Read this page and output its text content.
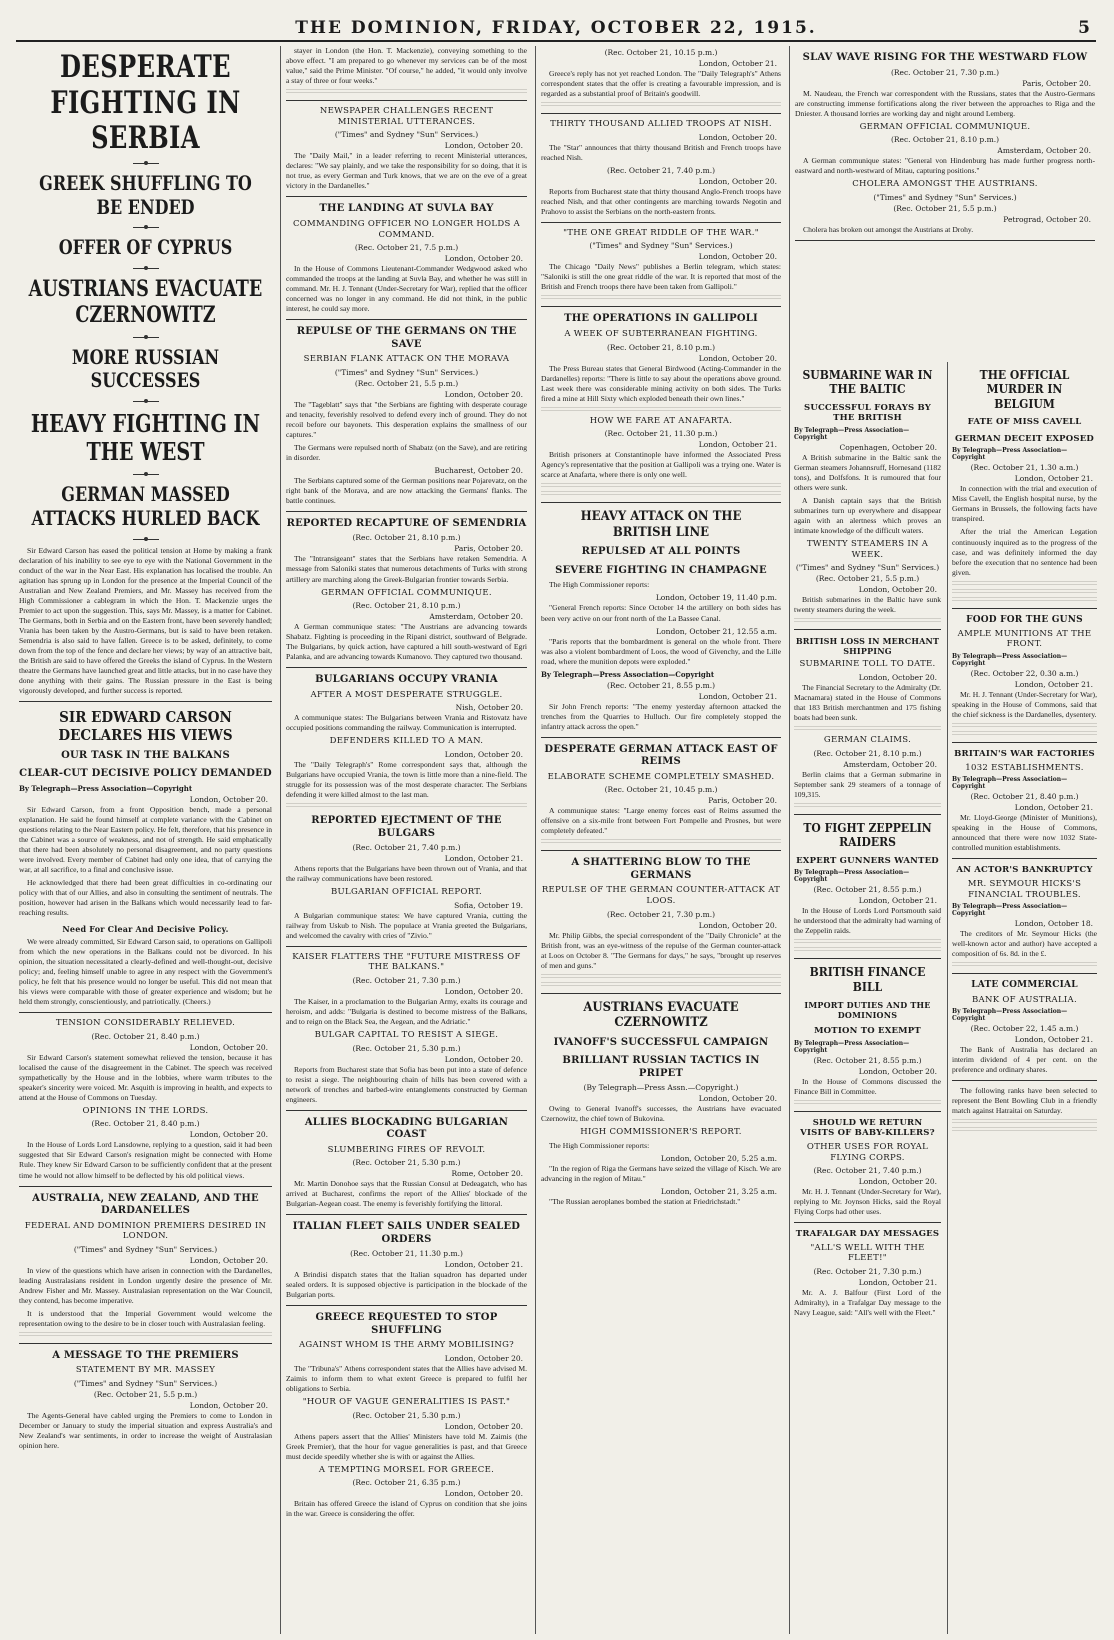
THE DOMINION, FRIDAY, OCTOBER 22, 1915.	5
DESPERATE FIGHTING IN SERBIA
GREEK SHUFFLING TO BE ENDED
OFFER OF CYPRUS
AUSTRIANS EVACUATE CZERNOWITZ
MORE RUSSIAN SUCCESSES
HEAVY FIGHTING IN THE WEST
GERMAN MASSED ATTACKS HURLED BACK

Sir Edward Carson has eased the political tension at Home by making a frank declaration of his inability to see eye to eye with the National Government in the conduct of the war in the Near East. His explanation has localised the trouble. An agitation has sprung up in London for the presence at the Imperial Council of the Australian and New Zealand Premiers, and Mr. Massey has received from the High Commissioner a cablegram in which the Hon. T. Mackenzie urges the Premier to act upon the suggestion. This, says Mr. Massey, is a matter for Cabinet. The Germans, both in Serbia and on the Eastern front, have been severely handled; Vrania has been taken by the Austro-Germans, but is said to have been retaken. Semendria is also said to have fallen. Greece is to be asked, definitely, to come down from the top of the fence and declare her views; by way of an attractive bait, the British are said to have offered the Greeks the island of Cyprus. In the Western theatre the Germans have launched great and little attacks, but in no case have they done anything with their gains. The Russian pressure in the East is being vigorously developed, and further success is reported.

SIR EDWARD CARSON DECLARES HIS VIEWS
OUR TASK IN THE BALKANS
CLEAR-CUT DECISIVE POLICY DEMANDED
By Telegraph—Press Association—Copyright
London, October 20.

Sir Edward Carson, from a front Opposition bench, made a personal explanation. He said he found himself at complete variance with the Cabinet on questions relating to the Near Eastern policy. He felt, therefore, that his presence in the Cabinet was a source of weakness, and not of strength. He said emphatically that there had been absolutely no personal disagreement, and no party questions were involved. Every member of Cabinet had only one idea, that of carrying the war, at all sacrifice, to a final and conclusive issue.

He acknowledged that there had been great difficulties in co-ordinating our policy with that of our Allies, and also in consulting the sentiment of neutrals. The position, however had arisen in the Balkans which would necessarily lead to far-reaching results.

Need For Clear And Decisive Policy.

We were already committed, Sir Edward Carson said, to operations on Gallipoli from which the new operations in the Balkans could not be divorced. In his opinion, the situation necessitated a clearly-defined and well-thought-out, decisive policy; and, feeling himself unable to agree in any respect with the Government's policy, he felt that his presence would no longer be useful. This did not mean that his views were comparable with those of greater experience and wisdom; but he held them strongly, conscientiously, and patriotically. (Cheers.)

TENSION CONSIDERABLY RELIEVED.
(Rec. October 21, 8.40 p.m.)
London, October 20.

Sir Edward Carson's statement somewhat relieved the tension, because it has localised the cause of the disagreement in the Cabinet. The speech was received sympathetically by the House and in the lobbies, where warm tributes to the speaker's sincerity were voiced. Mr. Asquith is improving in health, and expects to attend at the House of Commons on Tuesday.

OPINIONS IN THE LORDS.
(Rec. October 21, 8.40 p.m.)
London, October 20.

In the House of Lords Lord Lansdowne, replying to a question, said it had been suggested that Sir Edward Carson's resignation might be connected with Home Rule. They knew Sir Edward Carson to be sufficiently confident that at the present time he would not allow himself to be deflected by his old political views.

AUSTRALIA, NEW ZEALAND, AND THE DARDANELLES
FEDERAL AND DOMINION PREMIERS DESIRED IN LONDON.
("Times" and Sydney "Sun" Services.)
London, October 20.

In view of the questions which have arisen in connection with the Dardanelles, leading Australasians resident in London urgently desire the presence of Mr. Andrew Fisher and Mr. Massey. Australasian representation on the War Council, they contend, has become imperative.

It is understood that the Imperial Government would welcome the representation owing to the desire to be in closer touch with Australasian feeling.

A MESSAGE TO THE PREMIERS
STATEMENT BY MR. MASSEY
("Times" and Sydney "Sun" Services.)
(Rec. October 21, 5.5 p.m.)
London, October 20.

The Agents-General have cabled urging the Premiers to come to London in December or January to study the imperial situation and express Australia's and New Zealand's war sentiments, in order to increase the weight of Australasian opinion here.

stayer in London (the Hon. T. Mackenzie), conveying something to the above effect. "I am prepared to go whenever my services can be of the most value," said the Prime Minister. "Of course," he added, "it would only involve a stay of three or four weeks."

NEWSPAPER CHALLENGES RECENT MINISTERIAL UTTERANCES.
("Times" and Sydney "Sun" Services.)
London, October 20.

The "Daily Mail," in a leader referring to recent Ministerial utterances, declares: "We say plainly, and we take the responsibility for so doing, that it is not true, as every German and Turk knows, that we are on the eve of a great victory in the Dardanelles."

THE LANDING AT SUVLA BAY
COMMANDING OFFICER NO LONGER HOLDS A COMMAND.
(Rec. October 21, 7.5 p.m.)
London, October 20.

In the House of Commons Lieutenant-Commander Wedgwood asked who commanded the troops at the landing at Suvla Bay, and whether he was still in command. Mr. H. J. Tennant (Under-Secretary for War), replied that the officer concerned was no longer in any command. He did not think, in the public interest, he could say more.

REPULSE OF THE GERMANS ON THE SAVE
SERBIAN FLANK ATTACK ON THE MORAVA
("Times" and Sydney "Sun" Services.)
(Rec. October 21, 5.5 p.m.)
London, October 20.

The "Tageblatt" says that "the Serbians are fighting with desperate courage and tenacity, feverishly resolved to defend every inch of ground. They do not recoil before our bayonets. This desperation explains the smallness of our captures."

The Germans were repulsed north of Shabatz (on the Save), and are retiring in disorder.

Bucharest, October 20.

The Serbians captured some of the German positions near Pojarevatz, on the right bank of the Morava, and are now attacking the Germans' flanks. The battle continues.

REPORTED RECAPTURE OF SEMENDRIA
(Rec. October 21, 8.10 p.m.)
Paris, October 20.

The "Intransigeant" states that the Serbians have retaken Semendria. A message from Saloniki states that numerous detachments of Turks with strong artillery are marching along the Greek-Bulgarian frontier towards Serbia.

GERMAN OFFICIAL COMMUNIQUE.
(Rec. October 21, 8.10 p.m.)
Amsterdam, October 20.

A German communique states: "The Austrians are advancing towards Shabatz. Fighting is proceeding in the Ripani district, southward of Belgrade. The Bulgarians, by quick action, have captured a hill south-westward of Egri Palanka, and are advancing towards Kumanovo. They captured two thousand.

BULGARIANS OCCUPY VRANIA
AFTER A MOST DESPERATE STRUGGLE.
Nish, October 20.

A communique states: The Bulgarians between Vrania and Ristovatz have occupied positions commanding the railway. Communication is interrupted.

DEFENDERS KILLED TO A MAN.
London, October 20.

The "Daily Telegraph's" Rome correspondent says that, although the Bulgarians have occupied Vrania, the town is little more than a nine-field. The struggle for its possession was of the most desperate character. The Serbians defending it were killed almost to the last man.

REPORTED EJECTMENT OF THE BULGARS
(Rec. October 21, 7.40 p.m.)
London, October 21.

Athens reports that the Bulgarians have been thrown out of Vrania, and that the railway communications have been restored.

BULGARIAN OFFICIAL REPORT.
Sofia, October 19.

A Bulgarian communique states: We have captured Vrania, cutting the railway from Uskub to Nish. The populace at Vrania greeted the Bulgarians, and welcomed the cavalry with cries of "Zivio."

KAISER FLATTERS THE "FUTURE MISTRESS OF THE BALKANS."
(Rec. October 21, 7.30 p.m.)
London, October 20.

The Kaiser, in a proclamation to the Bulgarian Army, exalts its courage and heroism, and adds: "Bulgaria is destined to become mistress of the Balkans, and to reign on the Black Sea, the Aegean, and the Adriatic."

BULGAR CAPITAL TO RESIST A SIEGE.
(Rec. October 21, 5.30 p.m.)
London, October 20.

Reports from Bucharest state that Sofia has been put into a state of defence to resist a siege. The neighbouring chain of hills has been covered with a network of trenches and barbed-wire entanglements constructed by German engineers.

ALLIES BLOCKADING BULGARIAN COAST
SLUMBERING FIRES OF REVOLT.
(Rec. October 21, 5.30 p.m.)
Rome, October 20.

Mr. Martin Donohoe says that the Russian Consul at Dedeagatch, who has arrived at Bucharest, confirms the report of the Allies' blockade of the Bulgarian-Aegean coast. The enemy is feverishly fortifying the littoral.

ITALIAN FLEET SAILS UNDER SEALED ORDERS
(Rec. October 21, 11.30 p.m.)
London, October 21.

A Brindisi dispatch states that the Italian squadron has departed under sealed orders. It is supposed objective is participation in the blockade of the Bulgarian ports.

GREECE REQUESTED TO STOP SHUFFLING
AGAINST WHOM IS THE ARMY MOBILISING?
London, October 20.

The "Tribuna's" Athens correspondent states that the Allies have advised M. Zaimis to inform them to what extent Greece is prepared to fulfil her obligations to Serbia.

"HOUR OF VAGUE GENERALITIES IS PAST."
(Rec. October 21, 5.30 p.m.)
London, October 20.

Athens papers assert that the Allies' Ministers have told M. Zaimis (the Greek Premier), that the hour for vague generalities is past, and that Greece must decide speedily whether she is with or against the Allies.

A TEMPTING MORSEL FOR GREECE.
(Rec. October 21, 6.35 p.m.)
London, October 20.

Britain has offered Greece the island of Cyprus on condition that she joins in the war. Greece is considering the offer.

(Rec. October 21, 10.15 p.m.)
London, October 21.

Greece's reply has not yet reached London. The "Daily Telegraph's" Athens correspondent states that the offer is creating a favourable impression, and is regarded as a substantial proof of Britain's goodwill.

THIRTY THOUSAND ALLIED TROOPS AT NISH.
London, October 20.

The "Star" announces that thirty thousand British and French troops have reached Nish.

(Rec. October 21, 7.40 p.m.)
London, October 20.

Reports from Bucharest state that thirty thousand Anglo-French troops have reached Nish, and that other contingents are marching towards Negotin and Prahovo to assist the Serbians on the north-eastern fronts.

"THE ONE GREAT RIDDLE OF THE WAR."
("Times" and Sydney "Sun" Services.)
London, October 20.

The Chicago "Daily News" publishes a Berlin telegram, which states: "Saloniki is still the one great riddle of the war. It is reported that most of the British and French troops there have been taken from Gallipoli."

THE OPERATIONS IN GALLIPOLI
A WEEK OF SUBTERRANEAN FIGHTING.
(Rec. October 21, 8.10 p.m.)
London, October 20.

The Press Bureau states that General Birdwood (Acting-Commander in the Dardanelles) reports: "There is little to say about the operations above ground. Last week there was considerable mining activity on both sides. The Turks fired a mine at Hill Sixty which exploded beneath their own lines."

HOW WE FARE AT ANAFARTA.
(Rec. October 21, 11.30 p.m.)
London, October 21.

British prisoners at Constantinople have informed the Associated Press Agency's representative that the position at Gallipoli was a trying one. Water is scarce at Anafarta, where there is only one well.

HEAVY ATTACK ON THE BRITISH LINE
REPULSED AT ALL POINTS
SEVERE FIGHTING IN CHAMPAGNE

The High Commissioner reports:

London, October 19, 11.40 p.m.

"General French reports: Since October 14 the artillery on both sides has been very active on our front north of the La Bassee Canal.

London, October 21, 12.55 a.m.

"Paris reports that the bombardment is general on the whole front. There was also a violent bombardment of Loos, the wood of Givenchy, and the Lille road, where the munition depots were exploded."

By Telegraph—Press Association—Copyright
(Rec. October 21, 8.55 p.m.)
London, October 21.

Sir John French reports: "The enemy yesterday afternoon attacked the trenches from the Quarries to Hulluch. Our fire completely stopped the infantry attack across the open."

DESPERATE GERMAN ATTACK EAST OF REIMS
ELABORATE SCHEME COMPLETELY SMASHED.
(Rec. October 21, 10.45 p.m.)
Paris, October 20.

A communique states: "Large enemy forces east of Reims assumed the offensive on a six-mile front between Fort Pompelle and Prosnes, but were completely defeated."

A SHATTERING BLOW TO THE GERMANS
REPULSE OF THE GERMAN COUNTER-ATTACK AT LOOS.
(Rec. October 21, 7.30 p.m.)
London, October 20.

Mr. Philip Gibbs, the special correspondent of the "Daily Chronicle" at the British front, was an eye-witness of the repulse of the German counter-attack at Loos on October 8. "The Germans for days," he says, "brought up reserves of men and guns."

AUSTRIANS EVACUATE CZERNOWITZ
IVANOFF'S SUCCESSFUL CAMPAIGN
BRILLIANT RUSSIAN TACTICS IN PRIPET
(By Telegraph—Press Assn.—Copyright.)
London, October 20.

Owing to General Ivanoff's successes, the Austrians have evacuated Czernowitz, the chief town of Bukovina.

HIGH COMMISSIONER'S REPORT.

The High Commissioner reports:

London, October 20, 5.25 a.m.

"In the region of Riga the Germans have seized the village of Kisch. We are advancing in the region of Mitau."

London, October 21, 3.25 a.m.

"The Russian aeroplanes bombed the station at Friedrichstadt."

SLAV WAVE RISING FOR THE WESTWARD FLOW
(Rec. October 21, 7.30 p.m.)
Paris, October 20.

M. Naudeau, the French war correspondent with the Russians, states that the Austro-Germans are constructing immense fortifications along the river between the approaches to Riga and the Dniester. A thousand lorries are working day and night around Lemberg.

GERMAN OFFICIAL COMMUNIQUE.
(Rec. October 21, 8.10 p.m.)
Amsterdam, October 20.

A German communique states: "General von Hindenburg has made further progress north-eastward and north-westward of Mitau, capturing positions."

CHOLERA AMONGST THE AUSTRIANS.
("Times" and Sydney "Sun" Services.)
(Rec. October 21, 5.5 p.m.)
Petrograd, October 20.

Cholera has broken out amongst the Austrians at Drohy.

SUBMARINE WAR IN THE BALTIC
SUCCESSFUL FORAYS BY THE BRITISH
By Telegraph—Press Association—Copyright
Copenhagen, October 20.

A British submarine in the Baltic sank the German steamers Johannsruff, Hornesand (1182 tons), and Dolfsfons. It is rumoured that four others were sunk.

A Danish captain says that the British submarines turn up everywhere and disappear again with an alertness which proves an intimate knowledge of the difficult waters.

TWENTY STEAMERS IN A WEEK.
("Times" and Sydney "Sun" Services.)
(Rec. October 21, 5.5 p.m.)
London, October 20.

British submarines in the Baltic have sunk twenty steamers during the week.

BRITISH LOSS IN MERCHANT SHIPPING
SUBMARINE TOLL TO DATE.
London, October 20.

The Financial Secretary to the Admiralty (Dr. Macnamara) stated in the House of Commons that 183 British merchantmen and 175 fishing boats had been sunk.

GERMAN CLAIMS.
(Rec. October 21, 8.10 p.m.)
Amsterdam, October 20.

Berlin claims that a German submarine in September sank 29 steamers of a tonnage of 109,315.

TO FIGHT ZEPPELIN RAIDERS
EXPERT GUNNERS WANTED
By Telegraph—Press Association—Copyright
(Rec. October 21, 8.55 p.m.)
London, October 21.

In the House of Lords Lord Portsmouth said he understood that the admiralty had warning of the Zeppelin raids.

BRITISH FINANCE BILL
IMPORT DUTIES AND THE DOMINIONS
MOTION TO EXEMPT
By Telegraph—Press Association—Copyright
(Rec. October 21, 8.55 p.m.)
London, October 20.

In the House of Commons discussed the Finance Bill in Committee.

SHOULD WE RETURN VISITS OF BABY-KILLERS?
OTHER USES FOR ROYAL FLYING CORPS.
(Rec. October 21, 7.40 p.m.)
London, October 20.

Mr. H. J. Tennant (Under-Secretary for War), replying to Mr. Joynson Hicks, said the Royal Flying Corps had other uses.

TRAFALGAR DAY MESSAGES
"ALL'S WELL WITH THE FLEET!"
(Rec. October 21, 7.30 p.m.)
London, October 21.

Mr. A. J. Balfour (First Lord of the Admiralty), in a Trafalgar Day message to the Navy League, said: "All's well with the Fleet."

THE OFFICIAL MURDER IN BELGIUM
FATE OF MISS CAVELL
GERMAN DECEIT EXPOSED
By Telegraph—Press Association—Copyright
(Rec. October 21, 1.30 a.m.)
London, October 21.

In connection with the trial and execution of Miss Cavell, the English hospital nurse, by the Germans in Brussels, the following facts have transpired.

After the trial the American Legation continuously inquired as to the progress of the case, and was definitely informed the day before the execution that no sentence had been given.

FOOD FOR THE GUNS
AMPLE MUNITIONS AT THE FRONT.
By Telegraph—Press Association—Copyright
(Rec. October 22, 0.30 a.m.)
London, October 21.

Mr. H. J. Tennant (Under-Secretary for War), speaking in the House of Commons, said that the chief sickness is the Dardanelles, dysentery.

BRITAIN'S WAR FACTORIES
1032 ESTABLISHMENTS.
By Telegraph—Press Association—Copyright
(Rec. October 21, 8.40 p.m.)
London, October 21.

Mr. Lloyd-George (Minister of Munitions), speaking in the House of Commons, announced that there were now 1032 State-controlled munition establishments.

AN ACTOR'S BANKRUPTCY
MR. SEYMOUR HICKS'S FINANCIAL TROUBLES.
By Telegraph—Press Association—Copyright
London, October 18.

The creditors of Mr. Seymour Hicks (the well-known actor and author) have accepted a composition of 6s. 8d. in the £.

LATE COMMERCIAL
BANK OF AUSTRALIA.
By Telegraph—Press Association—Copyright
(Rec. October 22, 1.45 a.m.)
London, October 21.

The Bank of Australia has declared an interim dividend of 4 per cent. on the preference and ordinary shares.

The following ranks have been selected to represent the Bent Bowling Club in a friendly match against Hatraitai on Saturday.
